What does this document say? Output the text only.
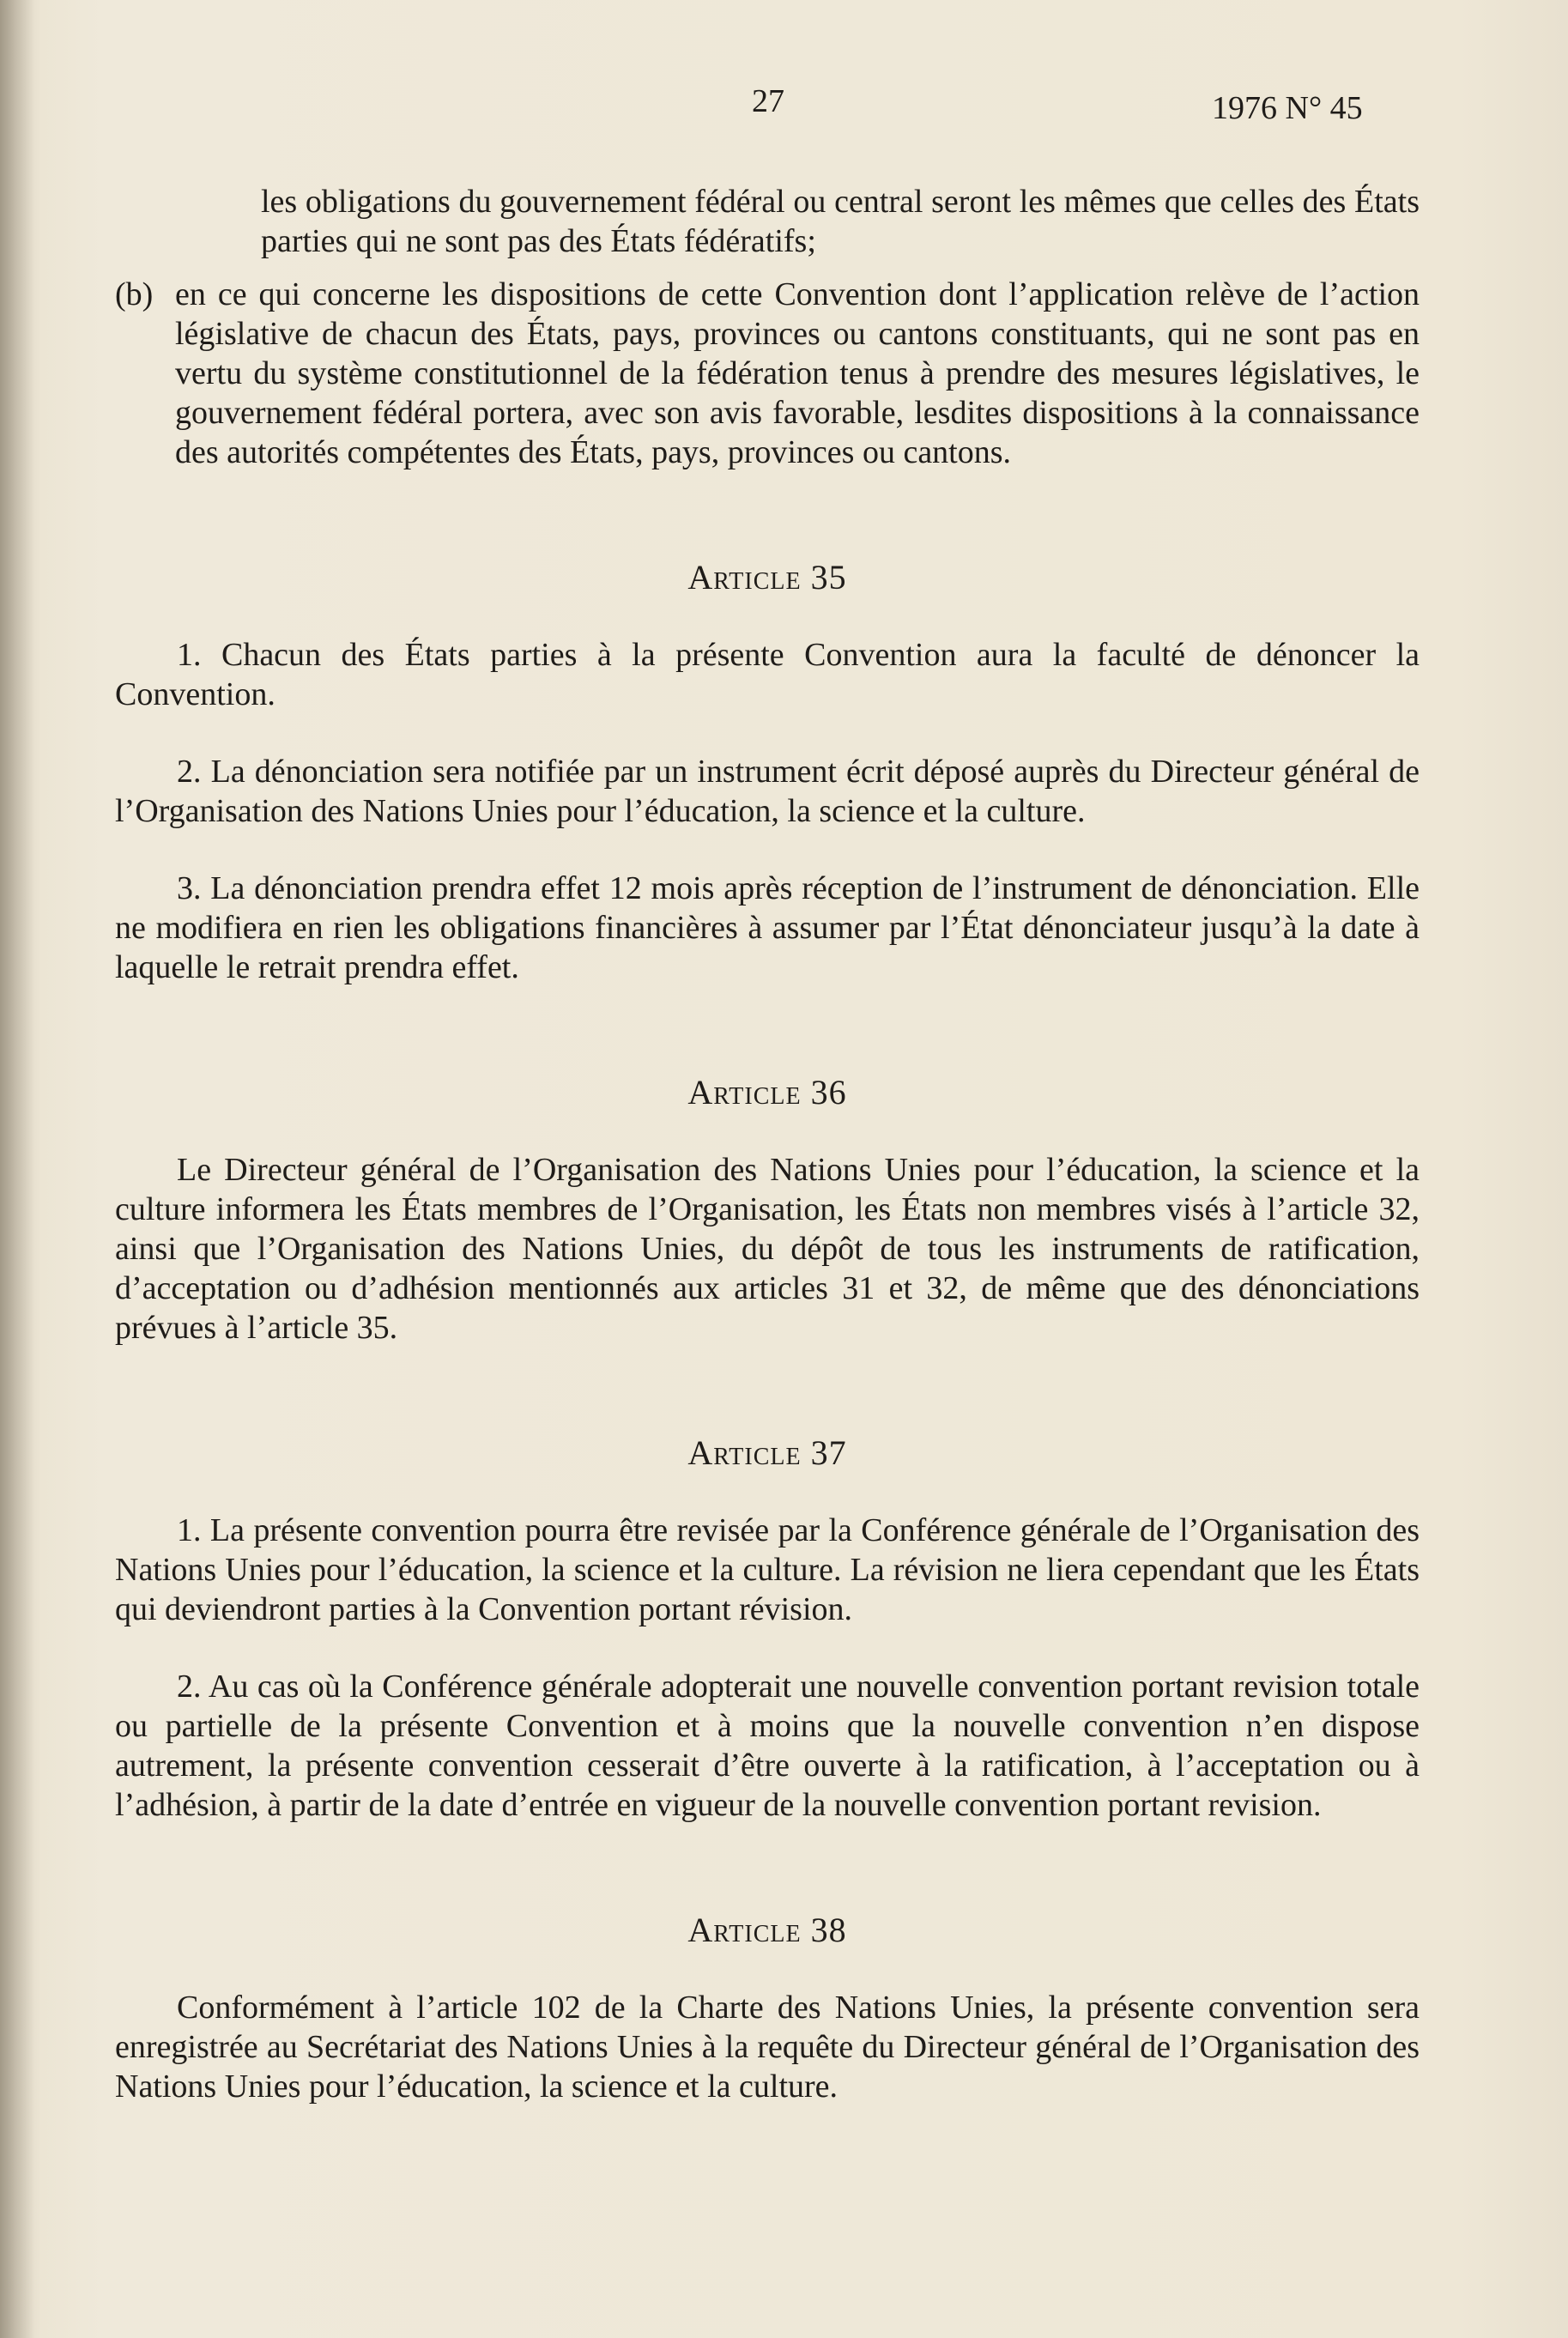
27	1976 N° 45

les obligations du gouvernement fédéral ou central seront les mêmes que celles des États parties qui ne sont pas des États fédératifs;

(b) en ce qui concerne les dispositions de cette Convention dont l’application relève de l’action législative de chacun des États, pays, provinces ou cantons constituants, qui ne sont pas en vertu du système constitutionnel de la fédération tenus à prendre des mesures législatives, le gouvernement fédéral portera, avec son avis favorable, lesdites dispositions à la connaissance des autorités compétentes des États, pays, provinces ou cantons.

Article 35

1. Chacun des États parties à la présente Convention aura la faculté de dénoncer la Convention.

2. La dénonciation sera notifiée par un instrument écrit déposé auprès du Directeur général de l’Organisation des Nations Unies pour l’éducation, la science et la culture.

3. La dénonciation prendra effet 12 mois après réception de l’instrument de dénonciation. Elle ne modifiera en rien les obligations financières à assumer par l’État dénonciateur jusqu’à la date à laquelle le retrait prendra effet.

Article 36

Le Directeur général de l’Organisation des Nations Unies pour l’éducation, la science et la culture informera les États membres de l’Organisation, les États non membres visés à l’article 32, ainsi que l’Organisation des Nations Unies, du dépôt de tous les instruments de ratification, d’acceptation ou d’adhésion mentionnés aux articles 31 et 32, de même que des dénonciations prévues à l’article 35.

Article 37

1. La présente convention pourra être revisée par la Conférence générale de l’Organisation des Nations Unies pour l’éducation, la science et la culture. La révision ne liera cependant que les États qui deviendront parties à la Convention portant révision.

2. Au cas où la Conférence générale adopterait une nouvelle convention portant revision totale ou partielle de la présente Convention et à moins que la nouvelle convention n’en dispose autrement, la présente convention cesserait d’être ouverte à la ratification, à l’acceptation ou à l’adhésion, à partir de la date d’entrée en vigueur de la nouvelle convention portant revision.

Article 38

Conformément à l’article 102 de la Charte des Nations Unies, la présente convention sera enregistrée au Secrétariat des Nations Unies à la requête du Directeur général de l’Organisation des Nations Unies pour l’éducation, la science et la culture.
